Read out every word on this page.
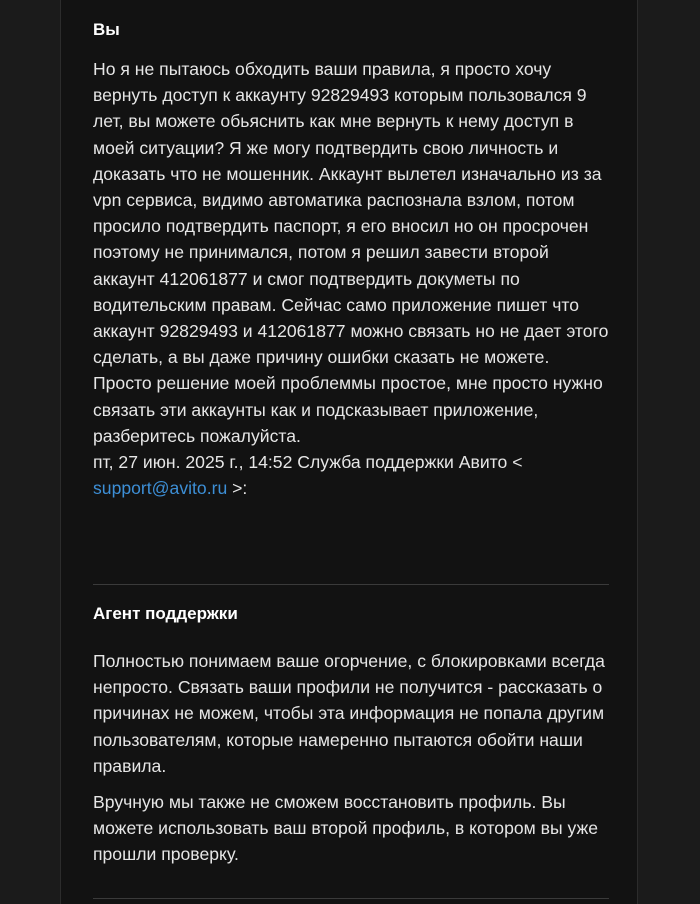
Вы

Но я не пытаюсь обходить ваши правила, я просто хочу вернуть доступ к аккаунту 92829493 которым пользовался 9 лет, вы можете обьяснить как мне вернуть к нему доступ в моей ситуации? Я же могу подтвердить свою личность и доказать что не мошенник. Аккаунт вылетел изначально из за vpn сервиса, видимо автоматика распознала взлом, потом просило подтвердить паспорт, я его вносил но он просрочен поэтому не принимался, потом я решил завести второй аккаунт 412061877 и смог подтвердить докуметы по водительским правам. Сейчас само приложение пишет что аккаунт 92829493 и 412061877 можно связать но не дает этого сделать, а вы даже причину ошибки сказать не можете. Просто решение моей проблеммы простое, мне просто нужно связать эти аккаунты как и подсказывает приложение, разберитесь пожалуйста.

пт, 27 июн. 2025 г., 14:52 Служба поддержки Авито <
support@avito.ru >:

Агент поддержки

Полностью понимаем ваше огорчение, с блокировками всегда непросто. Связать ваши профили не получится - рассказать о причинах не можем, чтобы эта информация не попала другим пользователям, которые намеренно пытаются обойти наши правила.

Вручную мы также не сможем восстановить профиль. Вы можете использовать ваш второй профиль, в котором вы уже прошли проверку.
